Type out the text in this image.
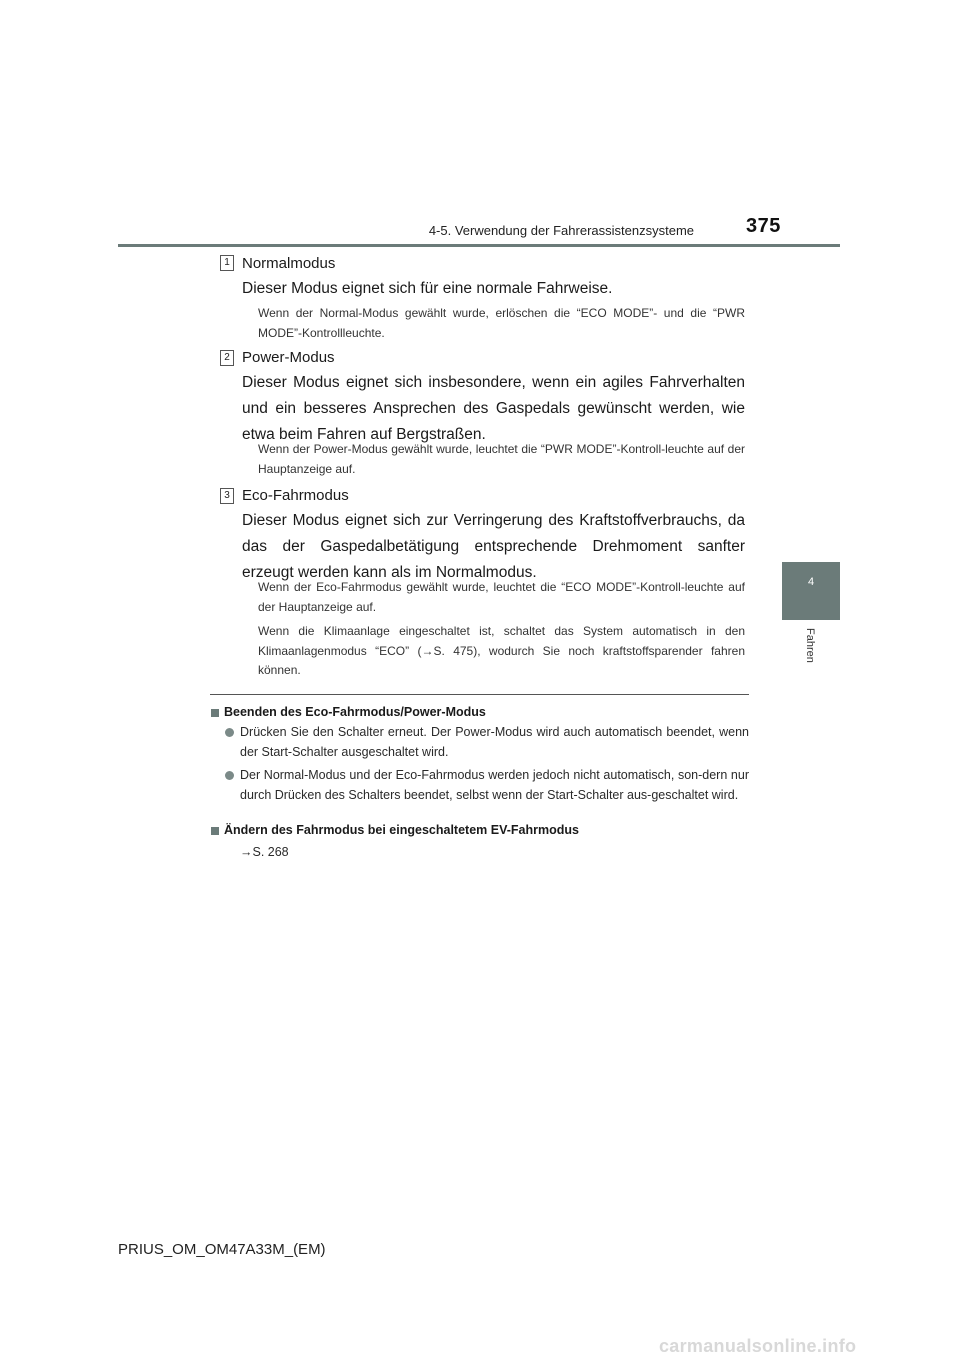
4-5. Verwendung der Fahrerassistenzsysteme	375
4
Fahren
1 Normalmodus
Dieser Modus eignet sich für eine normale Fahrweise.
Wenn der Normal-Modus gewählt wurde, erlöschen die “ECO MODE”- und die “PWR MODE”-Kontrollleuchte.
2 Power-Modus
Dieser Modus eignet sich insbesondere, wenn ein agiles Fahrverhalten und ein besseres Ansprechen des Gaspedals gewünscht werden, wie etwa beim Fahren auf Bergstraßen.
Wenn der Power-Modus gewählt wurde, leuchtet die “PWR MODE”-Kontroll-leuchte auf der Hauptanzeige auf.
3 Eco-Fahrmodus
Dieser Modus eignet sich zur Verringerung des Kraftstoffverbrauchs, da das der Gaspedalbetätigung entsprechende Drehmoment sanfter erzeugt werden kann als im Normalmodus.
Wenn der Eco-Fahrmodus gewählt wurde, leuchtet die “ECO MODE”-Kontroll-leuchte auf der Hauptanzeige auf.
Wenn die Klimaanlage eingeschaltet ist, schaltet das System automatisch in den Klimaanlagenmodus “ECO” (→S. 475), wodurch Sie noch kraftstoffsparender fahren können.
Beenden des Eco-Fahrmodus/Power-Modus
Drücken Sie den Schalter erneut. Der Power-Modus wird auch automatisch beendet, wenn der Start-Schalter ausgeschaltet wird.
Der Normal-Modus und der Eco-Fahrmodus werden jedoch nicht automatisch, son-dern nur durch Drücken des Schalters beendet, selbst wenn der Start-Schalter aus-geschaltet wird.
Ändern des Fahrmodus bei eingeschaltetem EV-Fahrmodus
→S. 268
PRIUS_OM_OM47A33M_(EM)
carmanualsonline.info
